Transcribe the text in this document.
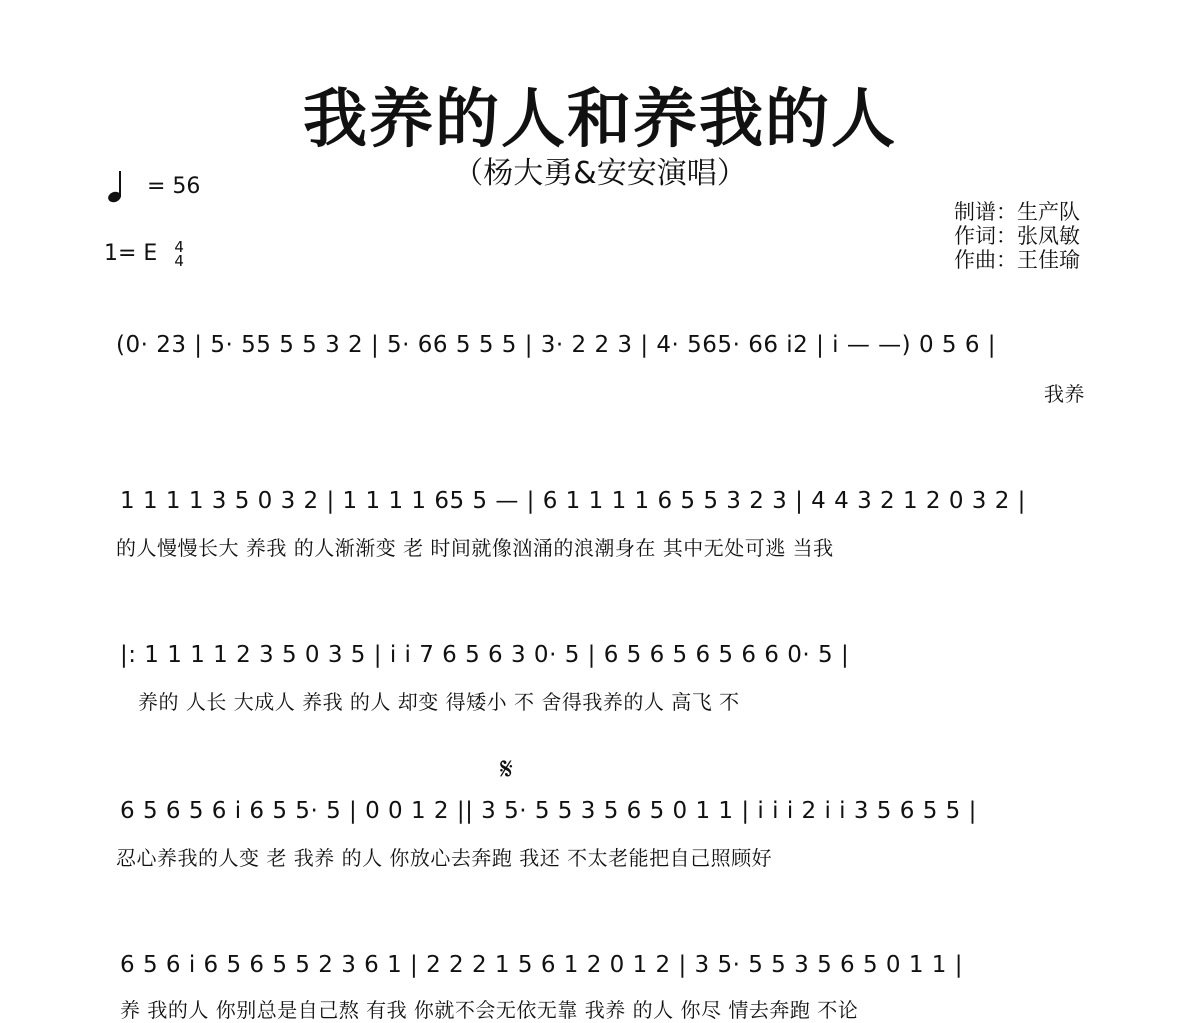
我养的人和养我的人
（杨大勇&安安演唱）
= 56
1= E 4
4
制谱：生产队
作词：张凤敏
作曲：王佳瑜
𝄋
(0· 23 | 5· 55 5 5 3 2 | 5· 66 5 5 5 | 3· 2 2 3 | 4· 565· 66 i2 | i — —) 0 5 6 |
我养
1 1 1 1 3 5 0 3 2 | 1 1 1 1 65 5 — | 6 1 1 1 1 6 5 5 3 2 3 | 4 4 3 2 1 2 0 3 2 |
的人慢慢长大 养我 的人渐渐变 老 时间就像汹涌的浪潮身在 其中无处可逃 当我
|: 1 1 1 1 2 3 5 0 3 5 | i i 7 6 5 6 3 0· 5 | 6 5 6 5 6 5 6 6 0· 5 |
养的 人长 大成人 养我 的人 却变 得矮小 不 舍得我养的人 高飞 不
6 5 6 5 6 i 6 5 5· 5 | 0 0 1 2 || 3 5· 5 5 3 5 6 5 0 1 1 | i i i 2 i i 3 5 6 5 5 |
忍心养我的人变 老 我养 的人 你放心去奔跑 我还 不太老能把自己照顾好
6 5 6 i 6 5 6 5 5 2 3 6 1 | 2 2 2 1 5 6 1 2 0 1 2 | 3 5· 5 5 3 5 6 5 0 1 1 |
养 我的人 你别总是自己熬 有我 你就不会无依无靠 我养 的人 你尽 情去奔跑 不论
